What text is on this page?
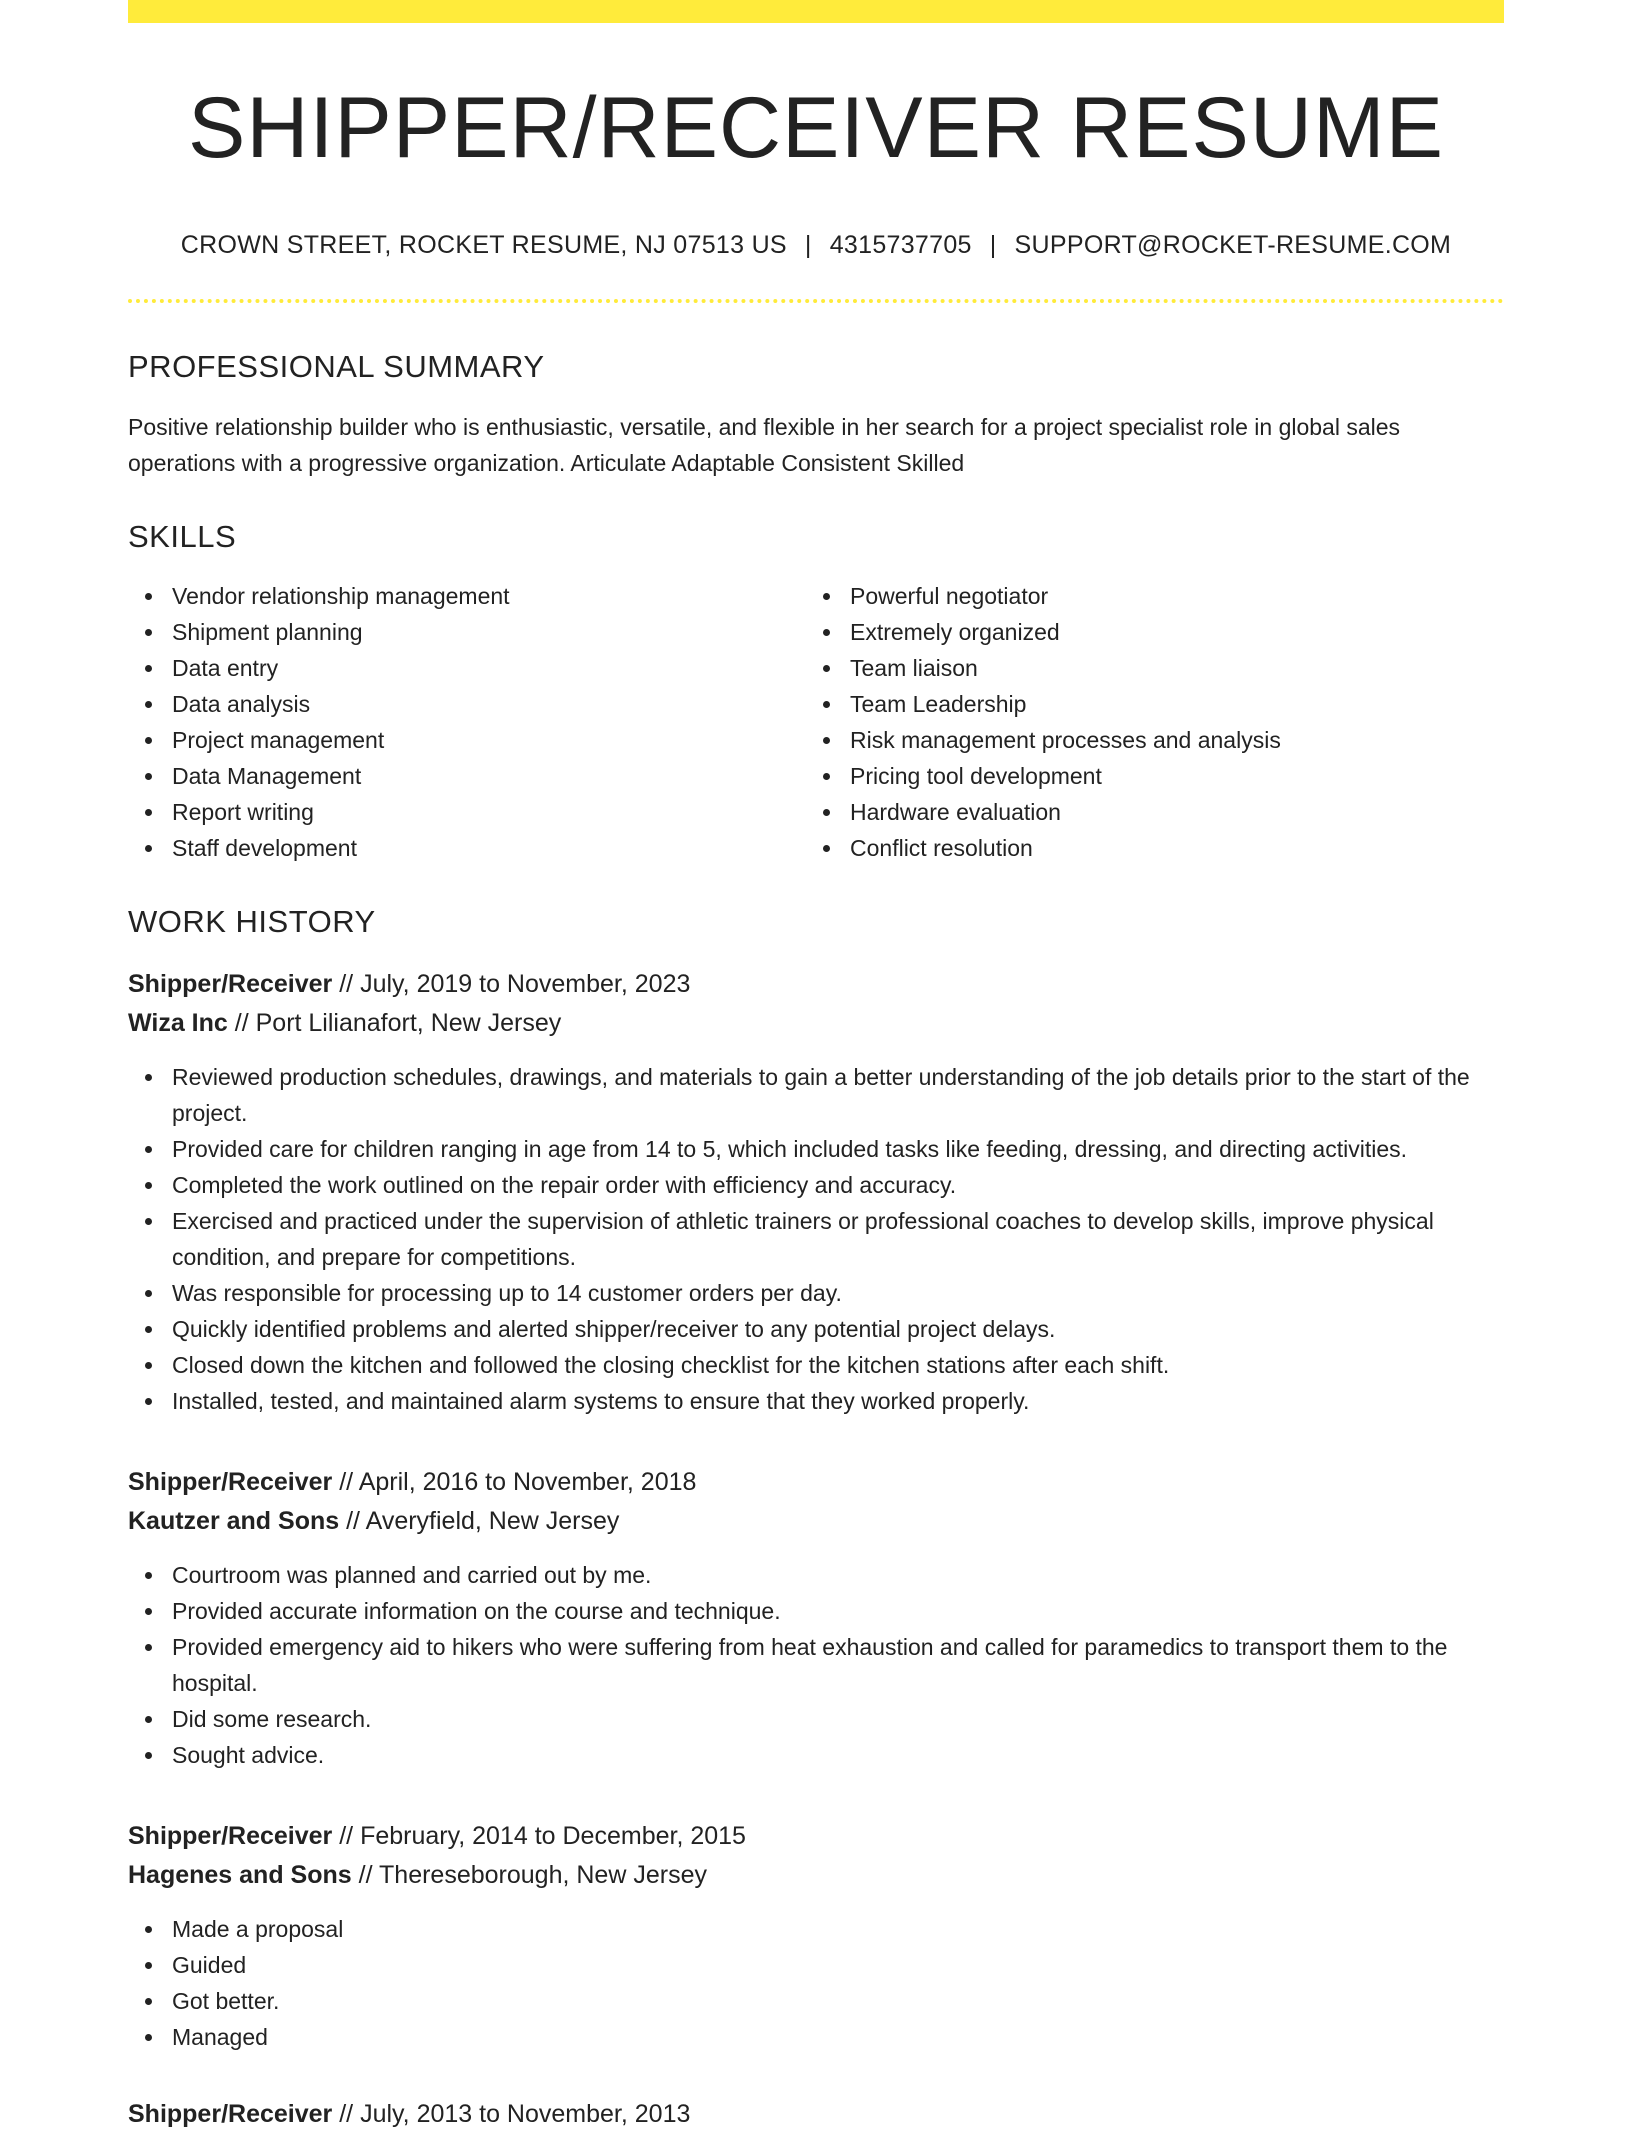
SHIPPER/RECEIVER RESUME
CROWN STREET, ROCKET RESUME, NJ 07513 US | 4315737705 | SUPPORT@ROCKET-RESUME.COM
PROFESSIONAL SUMMARY
Positive relationship builder who is enthusiastic, versatile, and flexible in her search for a project specialist role in global sales operations with a progressive organization. Articulate Adaptable Consistent Skilled
SKILLS
Vendor relationship management
Shipment planning
Data entry
Data analysis
Project management
Data Management
Report writing
Staff development
Powerful negotiator
Extremely organized
Team liaison
Team Leadership
Risk management processes and analysis
Pricing tool development
Hardware evaluation
Conflict resolution
WORK HISTORY
Shipper/Receiver // July, 2019 to November, 2023
Wiza Inc // Port Lilianafort, New Jersey
Reviewed production schedules, drawings, and materials to gain a better understanding of the job details prior to the start of the project.
Provided care for children ranging in age from 14 to 5, which included tasks like feeding, dressing, and directing activities.
Completed the work outlined on the repair order with efficiency and accuracy.
Exercised and practiced under the supervision of athletic trainers or professional coaches to develop skills, improve physical condition, and prepare for competitions.
Was responsible for processing up to 14 customer orders per day.
Quickly identified problems and alerted shipper/receiver to any potential project delays.
Closed down the kitchen and followed the closing checklist for the kitchen stations after each shift.
Installed, tested, and maintained alarm systems to ensure that they worked properly.
Shipper/Receiver // April, 2016 to November, 2018
Kautzer and Sons // Averyfield, New Jersey
Courtroom was planned and carried out by me.
Provided accurate information on the course and technique.
Provided emergency aid to hikers who were suffering from heat exhaustion and called for paramedics to transport them to the hospital.
Did some research.
Sought advice.
Shipper/Receiver // February, 2014 to December, 2015
Hagenes and Sons // Thereseborough, New Jersey
Made a proposal
Guided
Got better.
Managed
Shipper/Receiver // July, 2013 to November, 2013
